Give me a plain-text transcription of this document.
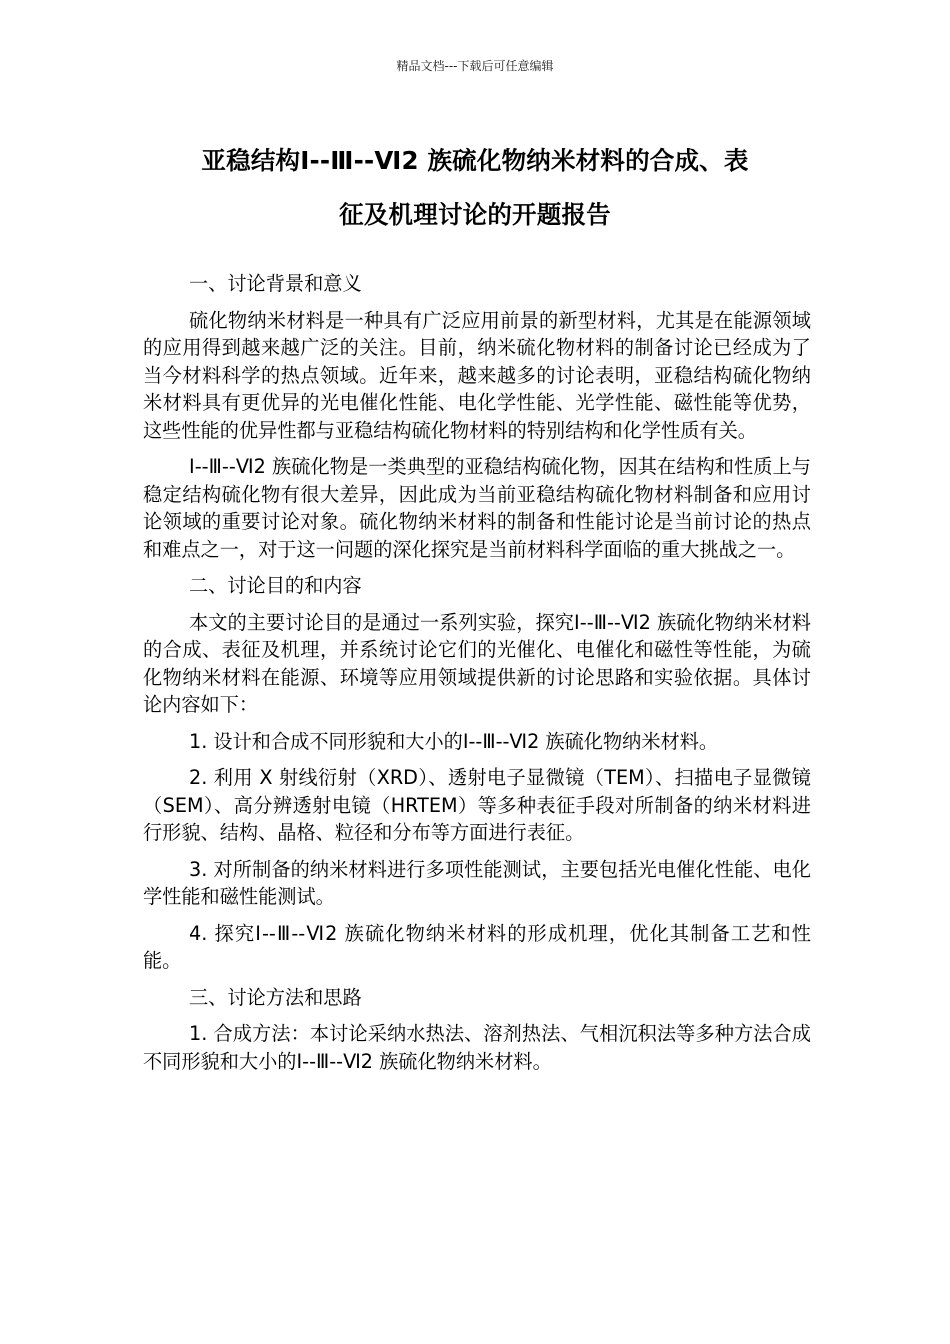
精品文档---下载后可任意编辑
亚稳结构Ⅰ--Ⅲ--Ⅵ2 族硫化物纳米材料的合成、表
征及机理讨论的开题报告

一、讨论背景和意义

硫化物纳米材料是一种具有广泛应用前景的新型材料，尤其是在能源领域的应用得到越来越广泛的关注。目前，纳米硫化物材料的制备讨论已经成为了当今材料科学的热点领域。近年来，越来越多的讨论表明，亚稳结构硫化物纳米材料具有更优异的光电催化性能、电化学性能、光学性能、磁性能等优势，这些性能的优异性都与亚稳结构硫化物材料的特别结构和化学性质有关。

Ⅰ--Ⅲ--Ⅵ2 族硫化物是一类典型的亚稳结构硫化物，因其在结构和性质上与稳定结构硫化物有很大差异，因此成为当前亚稳结构硫化物材料制备和应用讨论领域的重要讨论对象。硫化物纳米材料的制备和性能讨论是当前讨论的热点和难点之一，对于这一问题的深化探究是当前材料科学面临的重大挑战之一。

二、讨论目的和内容

本文的主要讨论目的是通过一系列实验，探究Ⅰ--Ⅲ--Ⅵ2 族硫化物纳米材料的合成、表征及机理，并系统讨论它们的光催化、电催化和磁性等性能，为硫化物纳米材料在能源、环境等应用领域提供新的讨论思路和实验依据。具体讨论内容如下：

1. 设计和合成不同形貌和大小的Ⅰ--Ⅲ--Ⅵ2 族硫化物纳米材料。

2. 利用 X 射线衍射（XRD）、透射电子显微镜（TEM）、扫描电子显微镜（SEM）、高分辨透射电镜（HRTEM）等多种表征手段对所制备的纳米材料进行形貌、结构、晶格、粒径和分布等方面进行表征。

3. 对所制备的纳米材料进行多项性能测试，主要包括光电催化性能、电化学性能和磁性能测试。

4. 探究Ⅰ--Ⅲ--Ⅵ2 族硫化物纳米材料的形成机理，优化其制备工艺和性能。

三、讨论方法和思路

1. 合成方法：本讨论采纳水热法、溶剂热法、气相沉积法等多种方法合成不同形貌和大小的Ⅰ--Ⅲ--Ⅵ2 族硫化物纳米材料。
